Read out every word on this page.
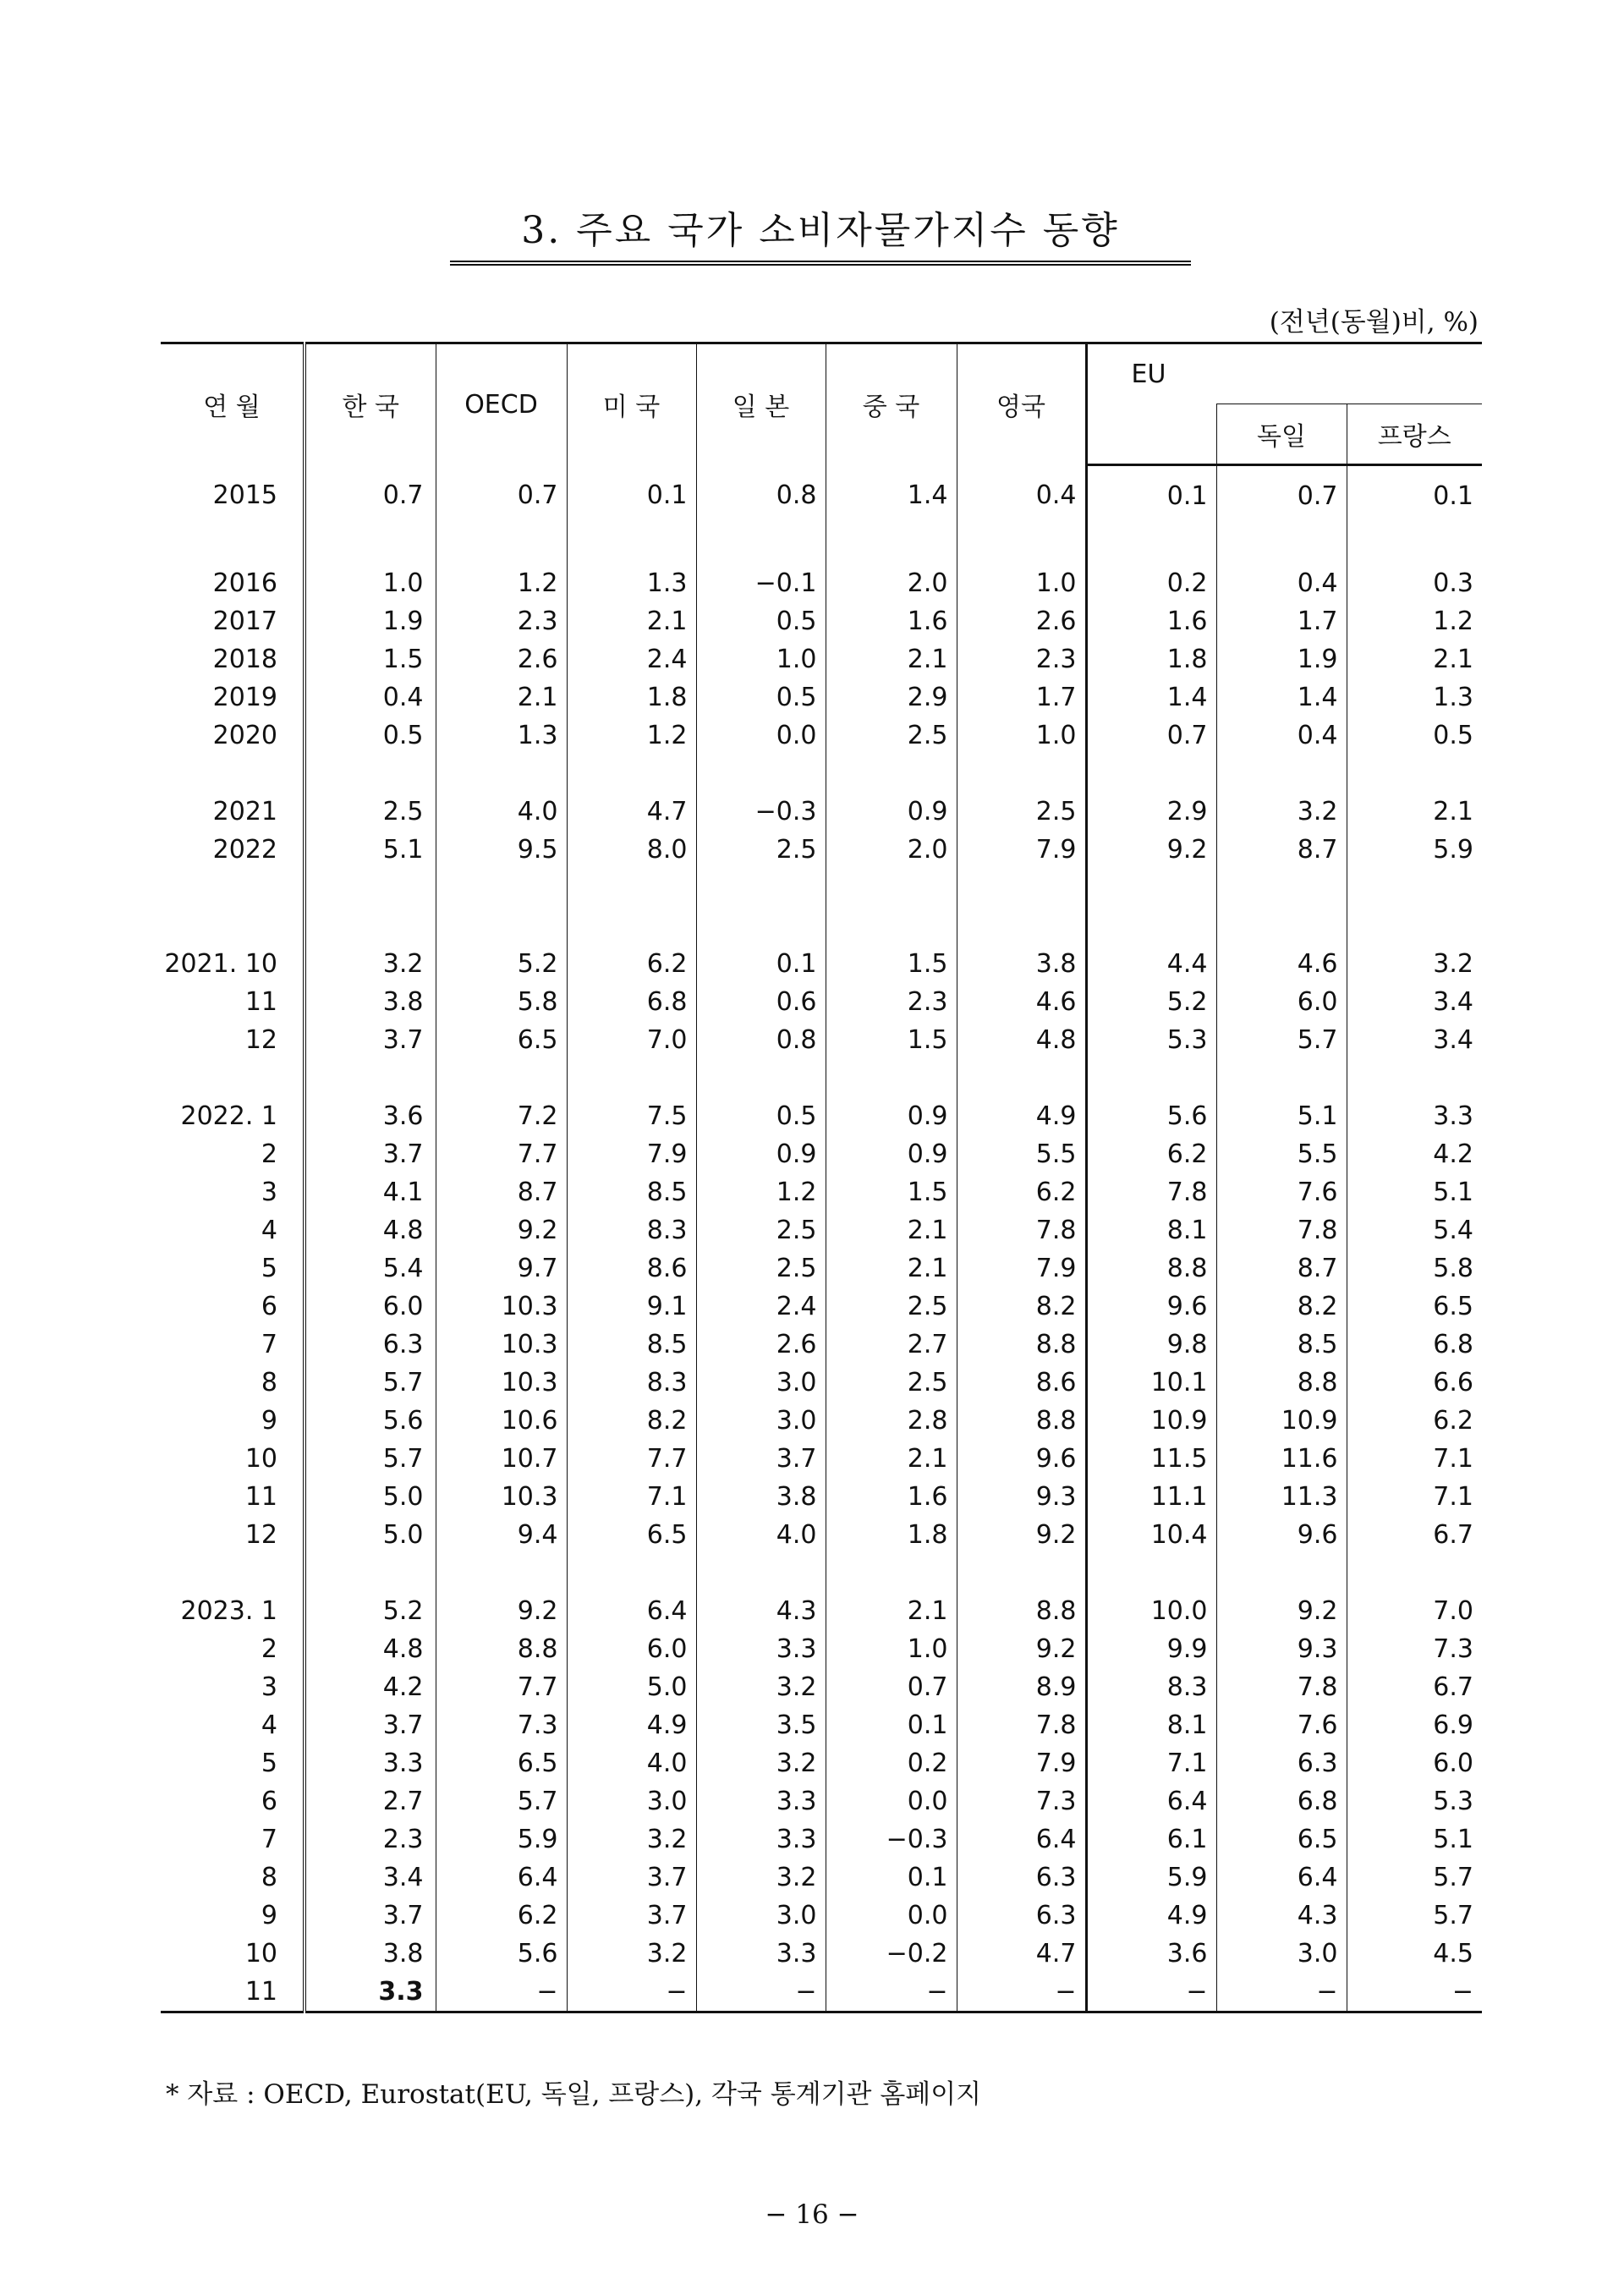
3. 주요 국가 소비자물가지수 동향
(전년(동월)비, %)
연 월	한 국	OECD	미 국	일 본	중 국	영국	EU		
								독일	프랑스
2015	0.7	0.7	0.1	0.8	1.4	0.4	0.1	0.7	0.1

2016	1.0	1.2	1.3	−0.1	2.0	1.0	0.2	0.4	0.3
2017	1.9	2.3	2.1	0.5	1.6	2.6	1.6	1.7	1.2
2018	1.5	2.6	2.4	1.0	2.1	2.3	1.8	1.9	2.1
2019	0.4	2.1	1.8	0.5	2.9	1.7	1.4	1.4	1.3
2020	0.5	1.3	1.2	0.0	2.5	1.0	0.7	0.4	0.5

2021	2.5	4.0	4.7	−0.3	0.9	2.5	2.9	3.2	2.1
2022	5.1	9.5	8.0	2.5	2.0	7.9	9.2	8.7	5.9

2021. 10	3.2	5.2	6.2	0.1	1.5	3.8	4.4	4.6	3.2
11	3.8	5.8	6.8	0.6	2.3	4.6	5.2	6.0	3.4
12	3.7	6.5	7.0	0.8	1.5	4.8	5.3	5.7	3.4

2022. 1	3.6	7.2	7.5	0.5	0.9	4.9	5.6	5.1	3.3
2	3.7	7.7	7.9	0.9	0.9	5.5	6.2	5.5	4.2
3	4.1	8.7	8.5	1.2	1.5	6.2	7.8	7.6	5.1
4	4.8	9.2	8.3	2.5	2.1	7.8	8.1	7.8	5.4
5	5.4	9.7	8.6	2.5	2.1	7.9	8.8	8.7	5.8
6	6.0	10.3	9.1	2.4	2.5	8.2	9.6	8.2	6.5
7	6.3	10.3	8.5	2.6	2.7	8.8	9.8	8.5	6.8
8	5.7	10.3	8.3	3.0	2.5	8.6	10.1	8.8	6.6
9	5.6	10.6	8.2	3.0	2.8	8.8	10.9	10.9	6.2
10	5.7	10.7	7.7	3.7	2.1	9.6	11.5	11.6	7.1
11	5.0	10.3	7.1	3.8	1.6	9.3	11.1	11.3	7.1
12	5.0	9.4	6.5	4.0	1.8	9.2	10.4	9.6	6.7

2023. 1	5.2	9.2	6.4	4.3	2.1	8.8	10.0	9.2	7.0
2	4.8	8.8	6.0	3.3	1.0	9.2	9.9	9.3	7.3
3	4.2	7.7	5.0	3.2	0.7	8.9	8.3	7.8	6.7
4	3.7	7.3	4.9	3.5	0.1	7.8	8.1	7.6	6.9
5	3.3	6.5	4.0	3.2	0.2	7.9	7.1	6.3	6.0
6	2.7	5.7	3.0	3.3	0.0	7.3	6.4	6.8	5.3
7	2.3	5.9	3.2	3.3	−0.3	6.4	6.1	6.5	5.1
8	3.4	6.4	3.7	3.2	0.1	6.3	5.9	6.4	5.7
9	3.7	6.2	3.7	3.0	0.0	6.3	4.9	4.3	5.7
10	3.8	5.6	3.2	3.3	−0.2	4.7	3.6	3.0	4.5
11	3.3	−	−	−	−	−	−	−	−
* 자료 : OECD, Eurostat(EU, 독일, 프랑스), 각국 통계기관 홈페이지
− 16 −
